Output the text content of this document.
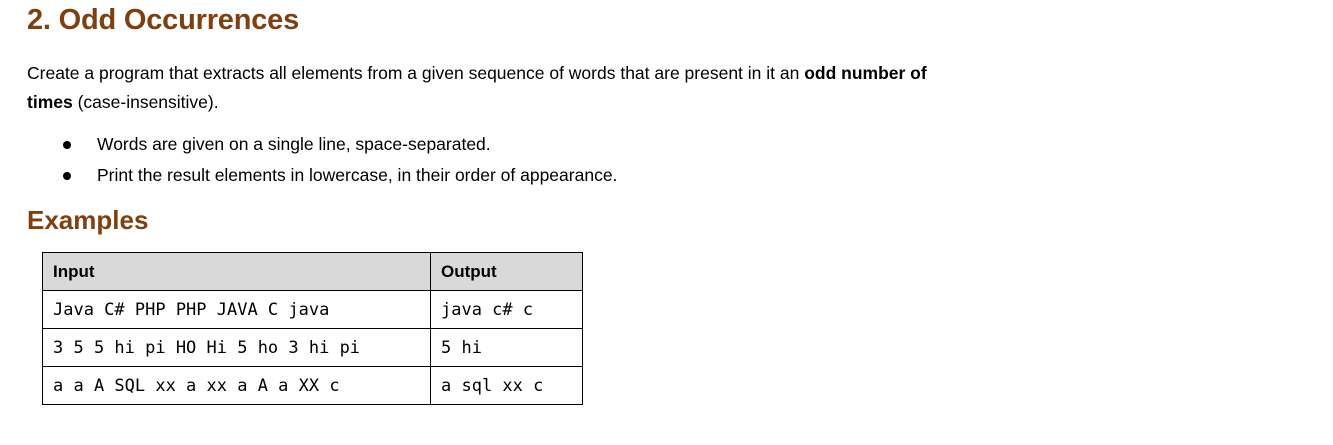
2. Odd Occurrences

Create a program that extracts all elements from a given sequence of words that are present in it an odd number of
times (case-insensitive).

Words are given on a single line, space-separated.
Print the result elements in lowercase, in their order of appearance.
Examples
Input	Output
Java C# PHP PHP JAVA C java	java c# c
3 5 5 hi pi HO Hi 5 ho 3 hi pi	5 hi
a a A SQL xx a xx a A a XX c	a sql xx c
